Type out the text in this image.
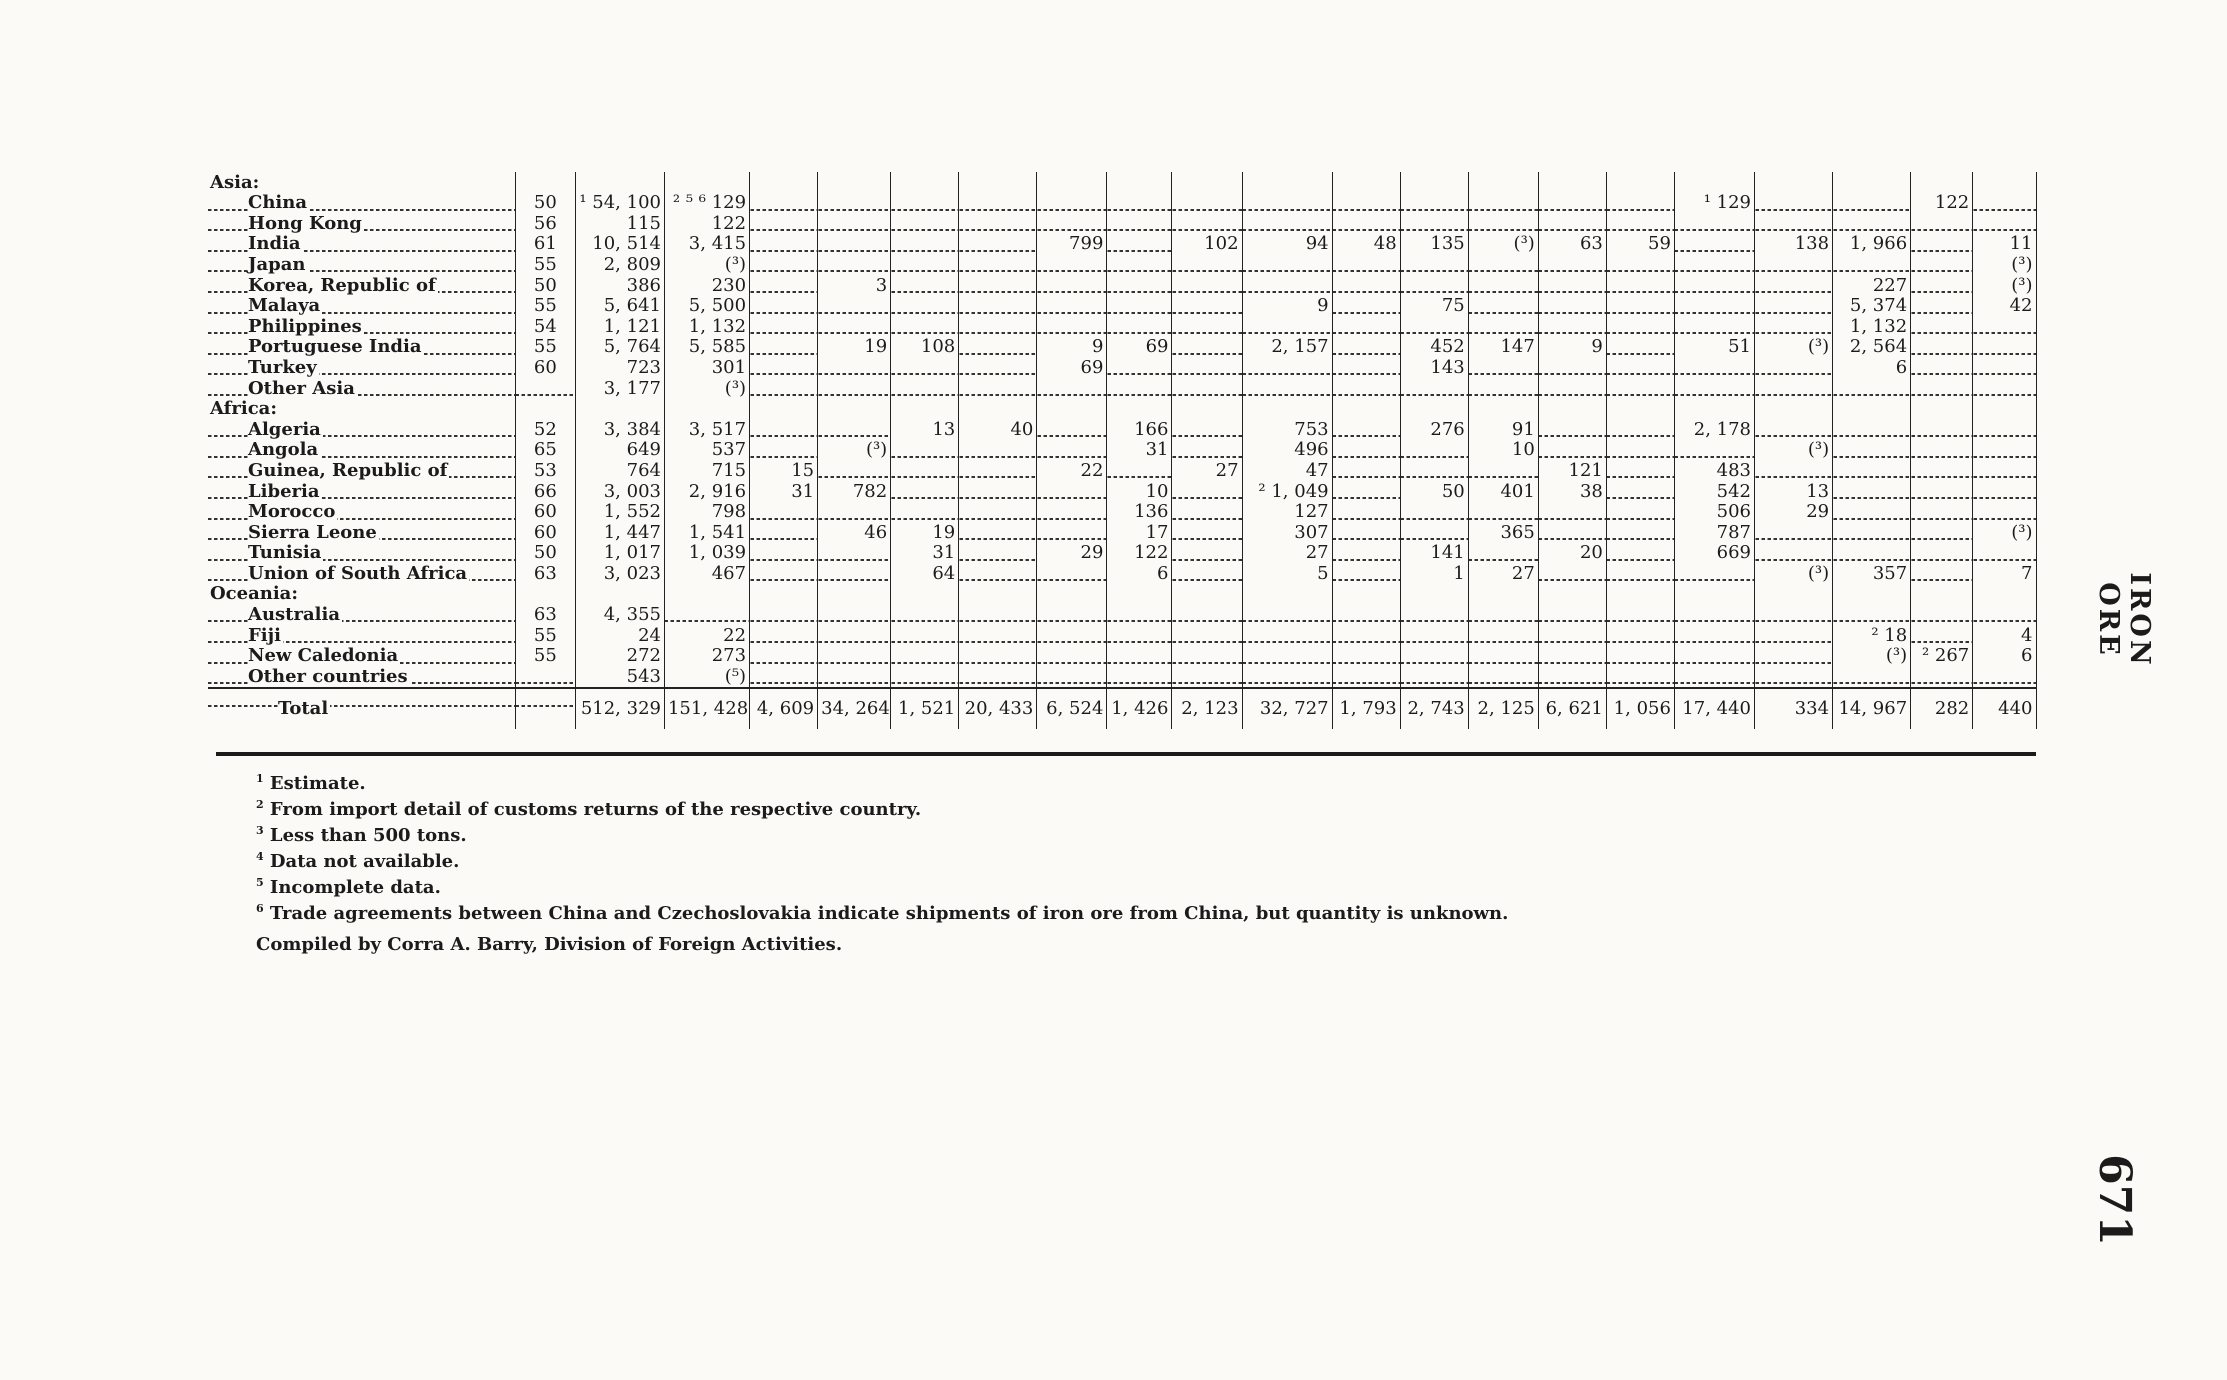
Asia:																									
China	50	¹ 54, 100	² ⁵ ⁶ 129														¹ 129			122					
Hong Kong	56	115	122																						
India	61	10, 514	3, 415					799		102	94	48	135	(³)	63	59		138	1, 966		11				
Japan	55	2, 809	(³)																		(³)				
Korea, Republic of	50	386	230		3														227		(³)				
Malaya	55	5, 641	5, 500								9		75						5, 374		42				
Philippines	54	1, 121	1, 132																1, 132						
Portuguese India	55	5, 764	5, 585		19	108		9	69		2, 157		452	147	9		51	(³)	2, 564						
Turkey	60	723	301					69					143						6						
Other Asia		3, 177	(³)																						
Africa:																									
Algeria	52	3, 384	3, 517			13	40		166		753		276	91			2, 178								
Angola	65	649	537		(³)				31		496			10				(³)							
Guinea, Republic of	53	764	715	15				22		27	47				121		483								
Liberia	66	3, 003	2, 916	31	782				10		² 1, 049		50	401	38		542	13							
Morocco	60	1, 552	798						136		127						506	29							
Sierra Leone	60	1, 447	1, 541		46	19			17		307			365			787				(³)				
Tunisia	50	1, 017	1, 039			31		29	122		27		141		20		669								
Union of South Africa	63	3, 023	467			64			6		5		1	27				(³)	357		7				
Oceania:																									
Australia	63	4, 355																							
Fiji	55	24	22																² 18		4				
New Caledonia	55	272	273																(³)	² 267	6				
Other countries		543	(⁵)																						
Total		512, 329	151, 428	4, 609	34, 264	1, 521	20, 433	6, 524	1, 426	2, 123	32, 727	1, 793	2, 743	2, 125	6, 621	1, 056	17, 440	334	14, 967	282	440				
$^1$ Estimate.
$^2$ From import detail of customs returns of the respective country.
$^3$ Less than 500 tons.
$^4$ Data not available.
$^5$ Incomplete data.
$^6$ Trade agreements between China and Czechoslovakia indicate shipments of iron ore from China, but quantity is unknown.
Compiled by Corra A. Barry, Division of Foreign Activities.
IRON ORE
671
